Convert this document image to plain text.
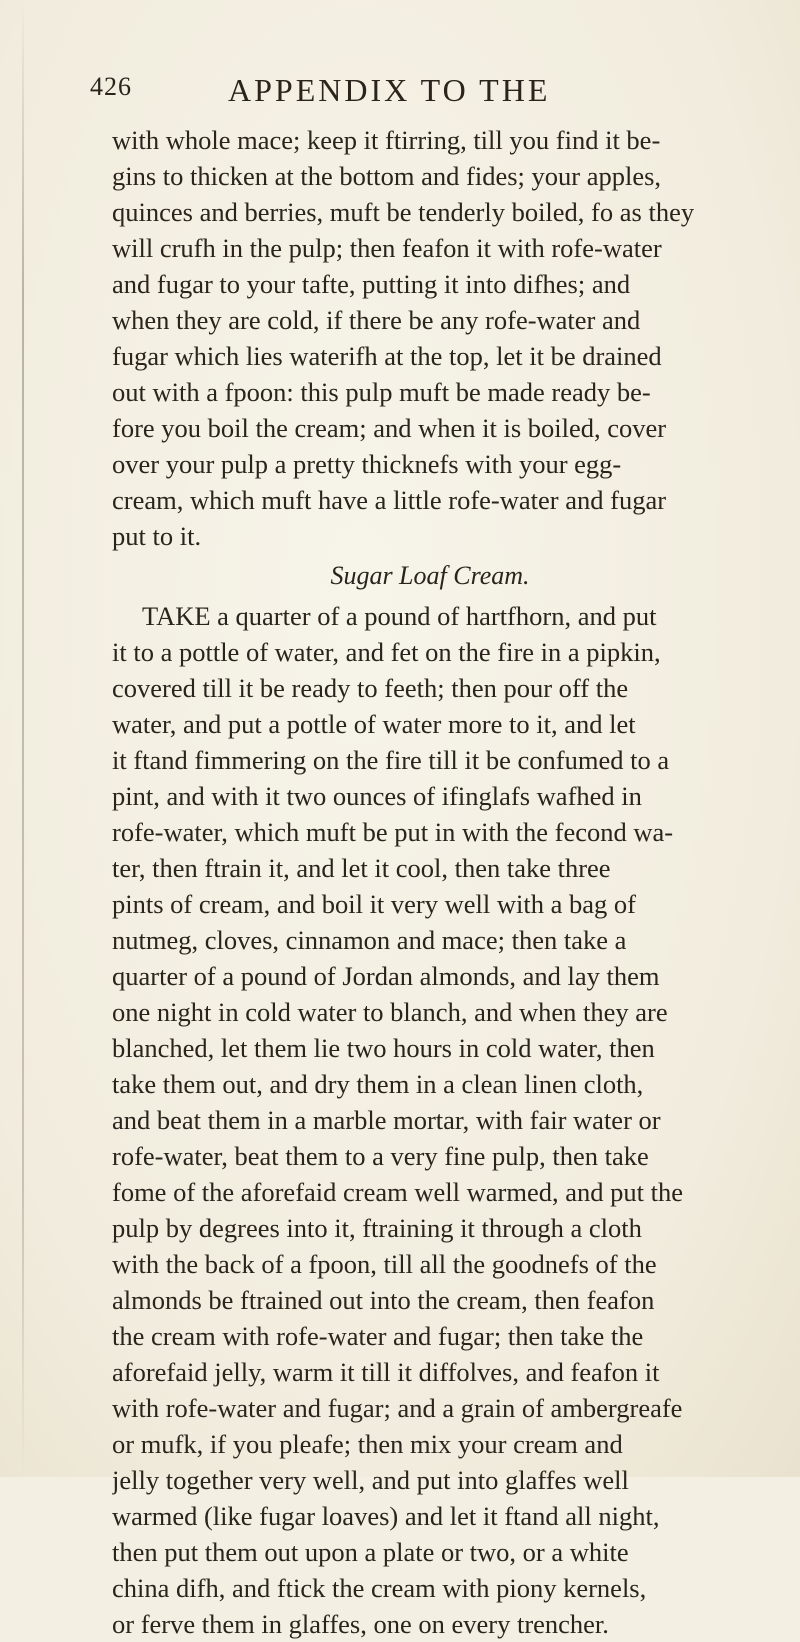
426	APPENDIX TO THE
with whole mace; keep it ftirring, till you find it be-
gins to thicken at the bottom and fides; your apples,
quinces and berries, muft be tenderly boiled, fo as they
will crufh in the pulp; then feafon it with rofe-water
and fugar to your tafte, putting it into difhes; and
when they are cold, if there be any rofe-water and
fugar which lies waterifh at the top, let it be drained
out with a fpoon: this pulp muft be made ready be-
fore you boil the cream; and when it is boiled, cover
over your pulp a pretty thicknefs with your egg-
cream, which muft have a little rofe-water and fugar
put to it.
Sugar Loaf Cream.
TAKE a quarter of a pound of hartfhorn, and put
it to a pottle of water, and fet on the fire in a pipkin,
covered till it be ready to feeth; then pour off the
water, and put a pottle of water more to it, and let
it ftand fimmering on the fire till it be confumed to a
pint, and with it two ounces of ifinglafs wafhed in
rofe-water, which muft be put in with the fecond wa-
ter, then ftrain it, and let it cool, then take three
pints of cream, and boil it very well with a bag of
nutmeg, cloves, cinnamon and mace; then take a
quarter of a pound of Jordan almonds, and lay them
one night in cold water to blanch, and when they are
blanched, let them lie two hours in cold water, then
take them out, and dry them in a clean linen cloth,
and beat them in a marble mortar, with fair water or
rofe-water, beat them to a very fine pulp, then take
fome of the aforefaid cream well warmed, and put the
pulp by degrees into it, ftraining it through a cloth
with the back of a fpoon, till all the goodnefs of the
almonds be ftrained out into the cream, then feafon
the cream with rofe-water and fugar; then take the
aforefaid jelly, warm it till it diffolves, and feafon it
with rofe-water and fugar; and a grain of ambergreafe
or mufk, if you pleafe; then mix your cream and
jelly together very well, and put into glaffes well
warmed (like fugar loaves) and let it ftand all night,
then put them out upon a plate or two, or a white
china difh, and ftick the cream with piony kernels,
or ferve them in glaffes, one on every trencher.
